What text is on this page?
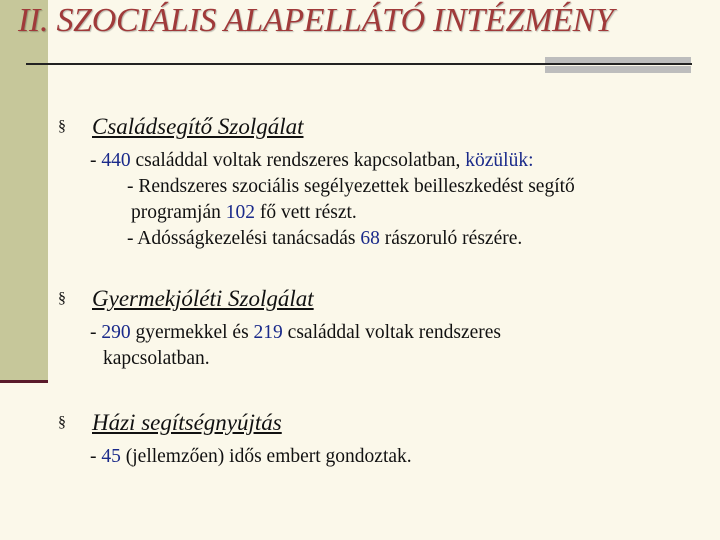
II. SZOCIÁLIS ALAPELLÁTÓ INTÉZMÉNY
§ Családsegítő Szolgálat
- 440 családdal voltak rendszeres kapcsolatban, közülük:
- Rendszeres szociális segélyezettek beilleszkedést segítő
programján 102 fő vett részt.
- Adósságkezelési tanácsadás 68 rászoruló részére.
§ Gyermekjóléti Szolgálat
- 290 gyermekkel és 219 családdal voltak rendszeres
kapcsolatban.
§ Házi segítségnyújtás
- 45 (jellemzően) idős embert gondoztak.
